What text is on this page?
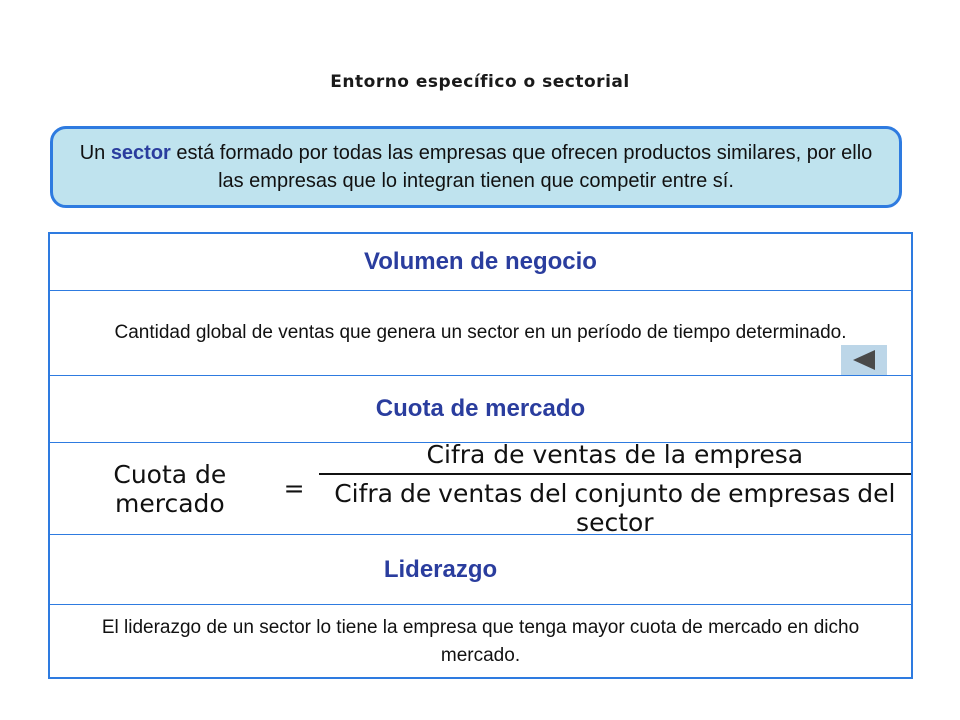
Entorno específico o sectorial
Un sector está formado por todas las empresas que ofrecen productos similares, por ello las empresas que lo integran tienen que competir entre sí.
Volumen de negocio
Cantidad global de ventas que genera un sector en un período de tiempo determinado.
Cuota de mercado
Cuota de mercado	= $\frac{\text{Cifra de ventas de la empresa}}{\text{Cifra de ventas del conjunto de empresas del sector}}$
Liderazgo
El liderazgo de un sector lo tiene la empresa que tenga mayor cuota de mercado en dicho mercado.
